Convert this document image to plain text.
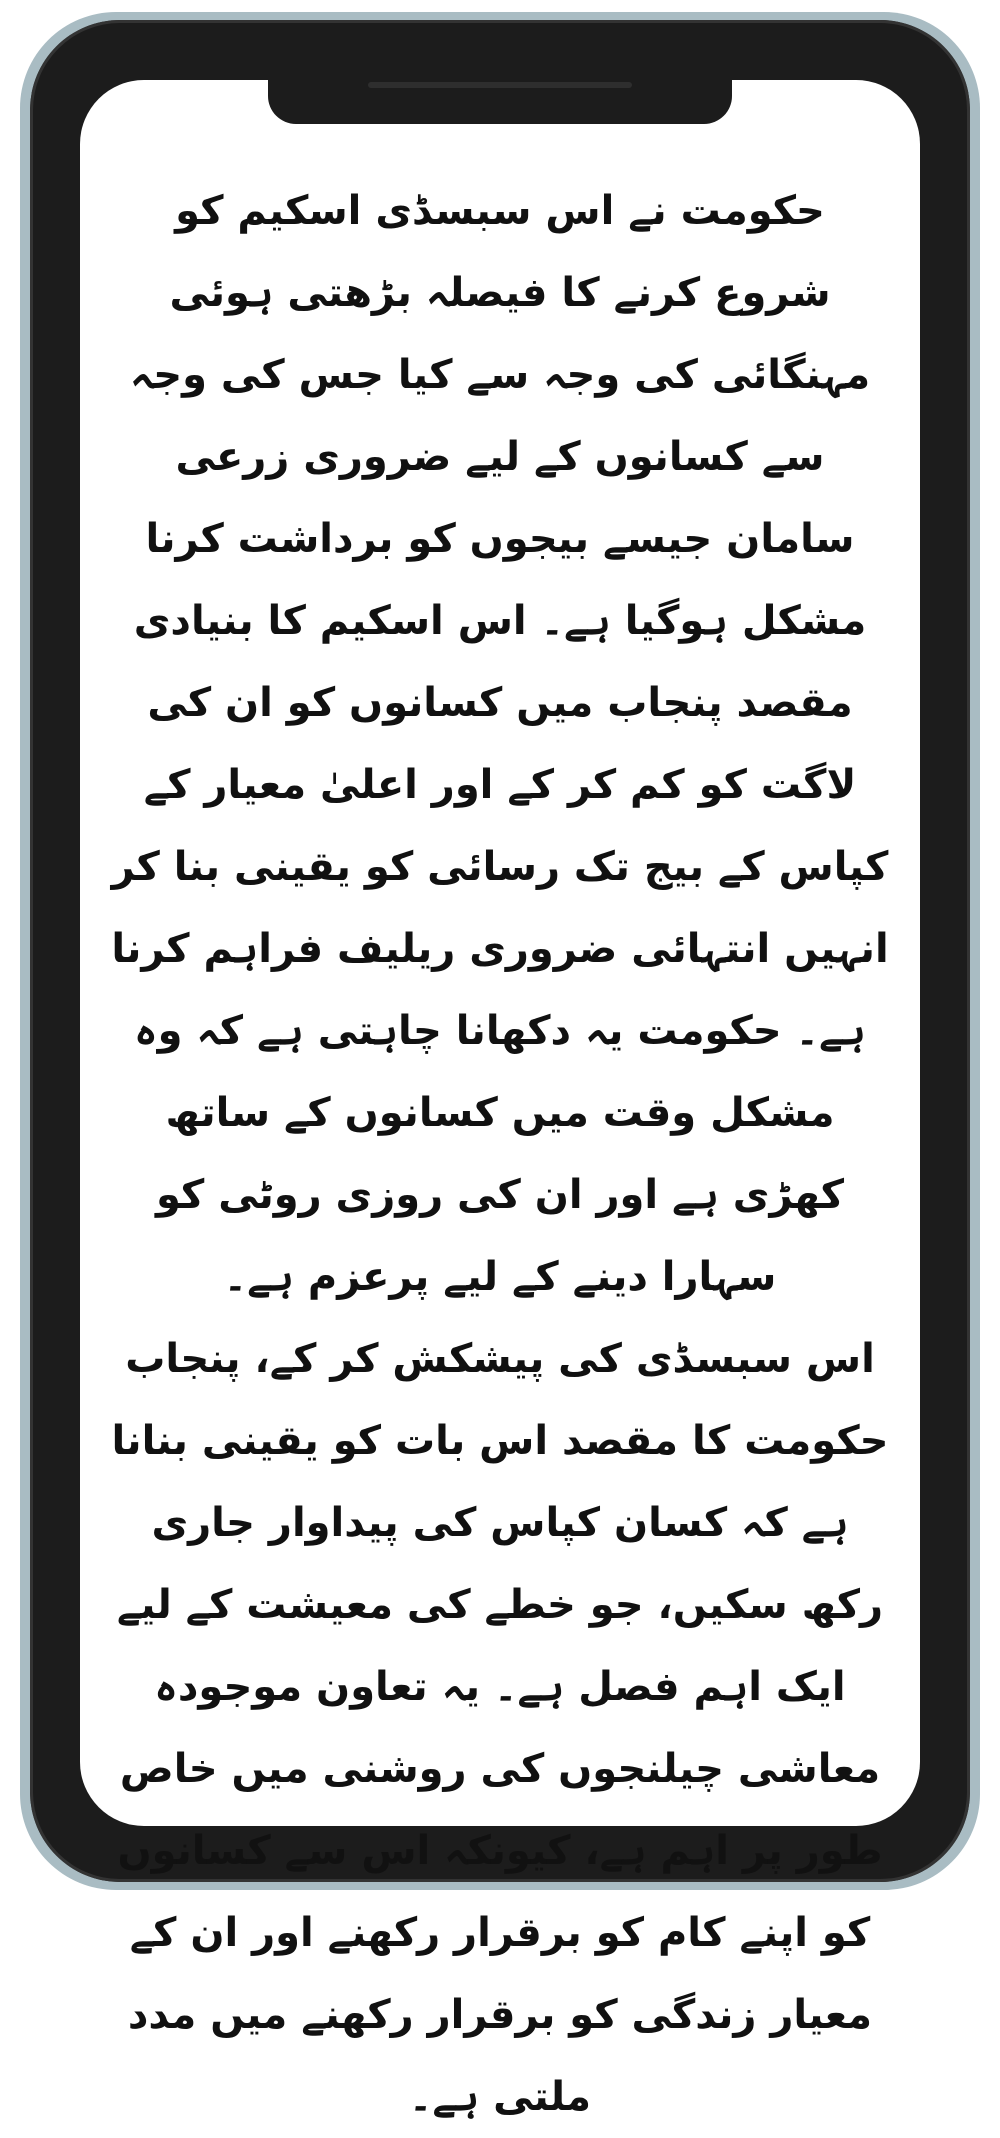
حکومت نے اس سبسڈی اسکیم کو شروع کرنے کا فیصلہ بڑھتی ہوئی مہنگائی کی وجہ سے کیا جس کی وجہ سے کسانوں کے لیے ضروری زرعی سامان جیسے بیجوں کو برداشت کرنا مشکل ہوگیا ہے۔ اس اسکیم کا بنیادی مقصد پنجاب میں کسانوں کو ان کی لاگت کو کم کر کے اور اعلیٰ معیار کے کپاس کے بیج تک رسائی کو یقینی بنا کر انہیں انتہائی ضروری ریلیف فراہم کرنا ہے۔ حکومت یہ دکھانا چاہتی ہے کہ وہ مشکل وقت میں کسانوں کے ساتھ کھڑی ہے اور ان کی روزی روٹی کو سہارا دینے کے لیے پرعزم ہے۔

اس سبسڈی کی پیشکش کر کے، پنجاب حکومت کا مقصد اس بات کو یقینی بنانا ہے کہ کسان کپاس کی پیداوار جاری رکھ سکیں، جو خطے کی معیشت کے لیے ایک اہم فصل ہے۔ یہ تعاون موجودہ معاشی چیلنجوں کی روشنی میں خاص طور پر اہم ہے، کیونکہ اس سے کسانوں کو اپنے کام کو برقرار رکھنے اور ان کے معیار زندگی کو برقرار رکھنے میں مدد ملتی ہے۔
